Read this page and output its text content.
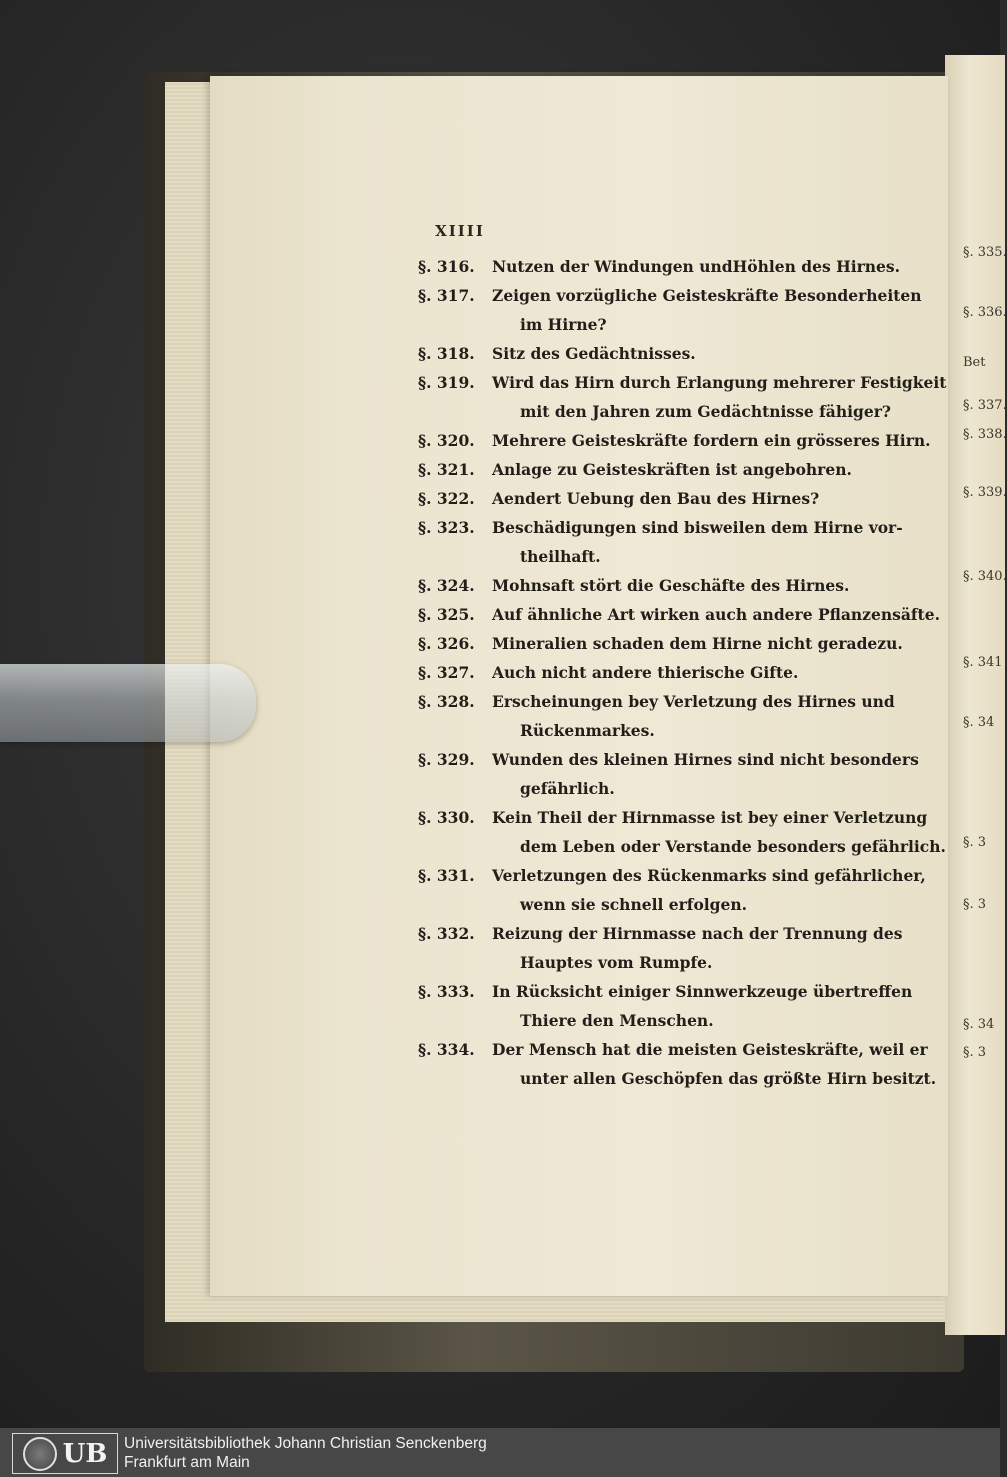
§. 335.
§. 336.
Bet
§. 337.
§. 338.
§. 339.
§. 340.
§. 341
§. 34
§. 3
§. 3
§. 34
§. 3
XIIII
§. 316.	Nutzen der Windungen undHöhlen des Hirnes.
§. 317.	Zeigen vorzügliche Geisteskräfte Besonderheiten
im Hirne?
§. 318.	Sitz des Gedächtnisses.
§. 319.	Wird das Hirn durch Erlangung mehrerer Festigkeit
mit den Jahren zum Gedächtnisse fähiger?
§. 320.	Mehrere Geisteskräfte fordern ein grösseres Hirn.
§. 321.	Anlage zu Geisteskräften ist angebohren.
§. 322.	Aendert Uebung den Bau des Hirnes?
§. 323.	Beschädigungen sind bisweilen dem Hirne vor-
theilhaft.
§. 324.	Mohnsaft stört die Geschäfte des Hirnes.
§. 325.	Auf ähnliche Art wirken auch andere Pflanzensäfte.
§. 326.	Mineralien schaden dem Hirne nicht geradezu.
§. 327.	Auch nicht andere thierische Gifte.
§. 328.	Erscheinungen bey Verletzung des Hirnes und
Rückenmarkes.
§. 329.	Wunden des kleinen Hirnes sind nicht besonders
gefährlich.
§. 330.	Kein Theil der Hirnmasse ist bey einer Verletzung
dem Leben oder Verstande besonders gefährlich.
§. 331.	Verletzungen des Rückenmarks sind gefährlicher,
wenn sie schnell erfolgen.
§. 332.	Reizung der Hirnmasse nach der Trennung des
Hauptes vom Rumpfe.
§. 333.	In Rücksicht einiger Sinnwerkzeuge übertreffen
Thiere den Menschen.
§. 334.	Der Mensch hat die meisten Geisteskräfte, weil er
unter allen Geschöpfen das größte Hirn besitzt.
UB Universitätsbibliothek Johann Christian Senckenberg
Frankfurt am Main
